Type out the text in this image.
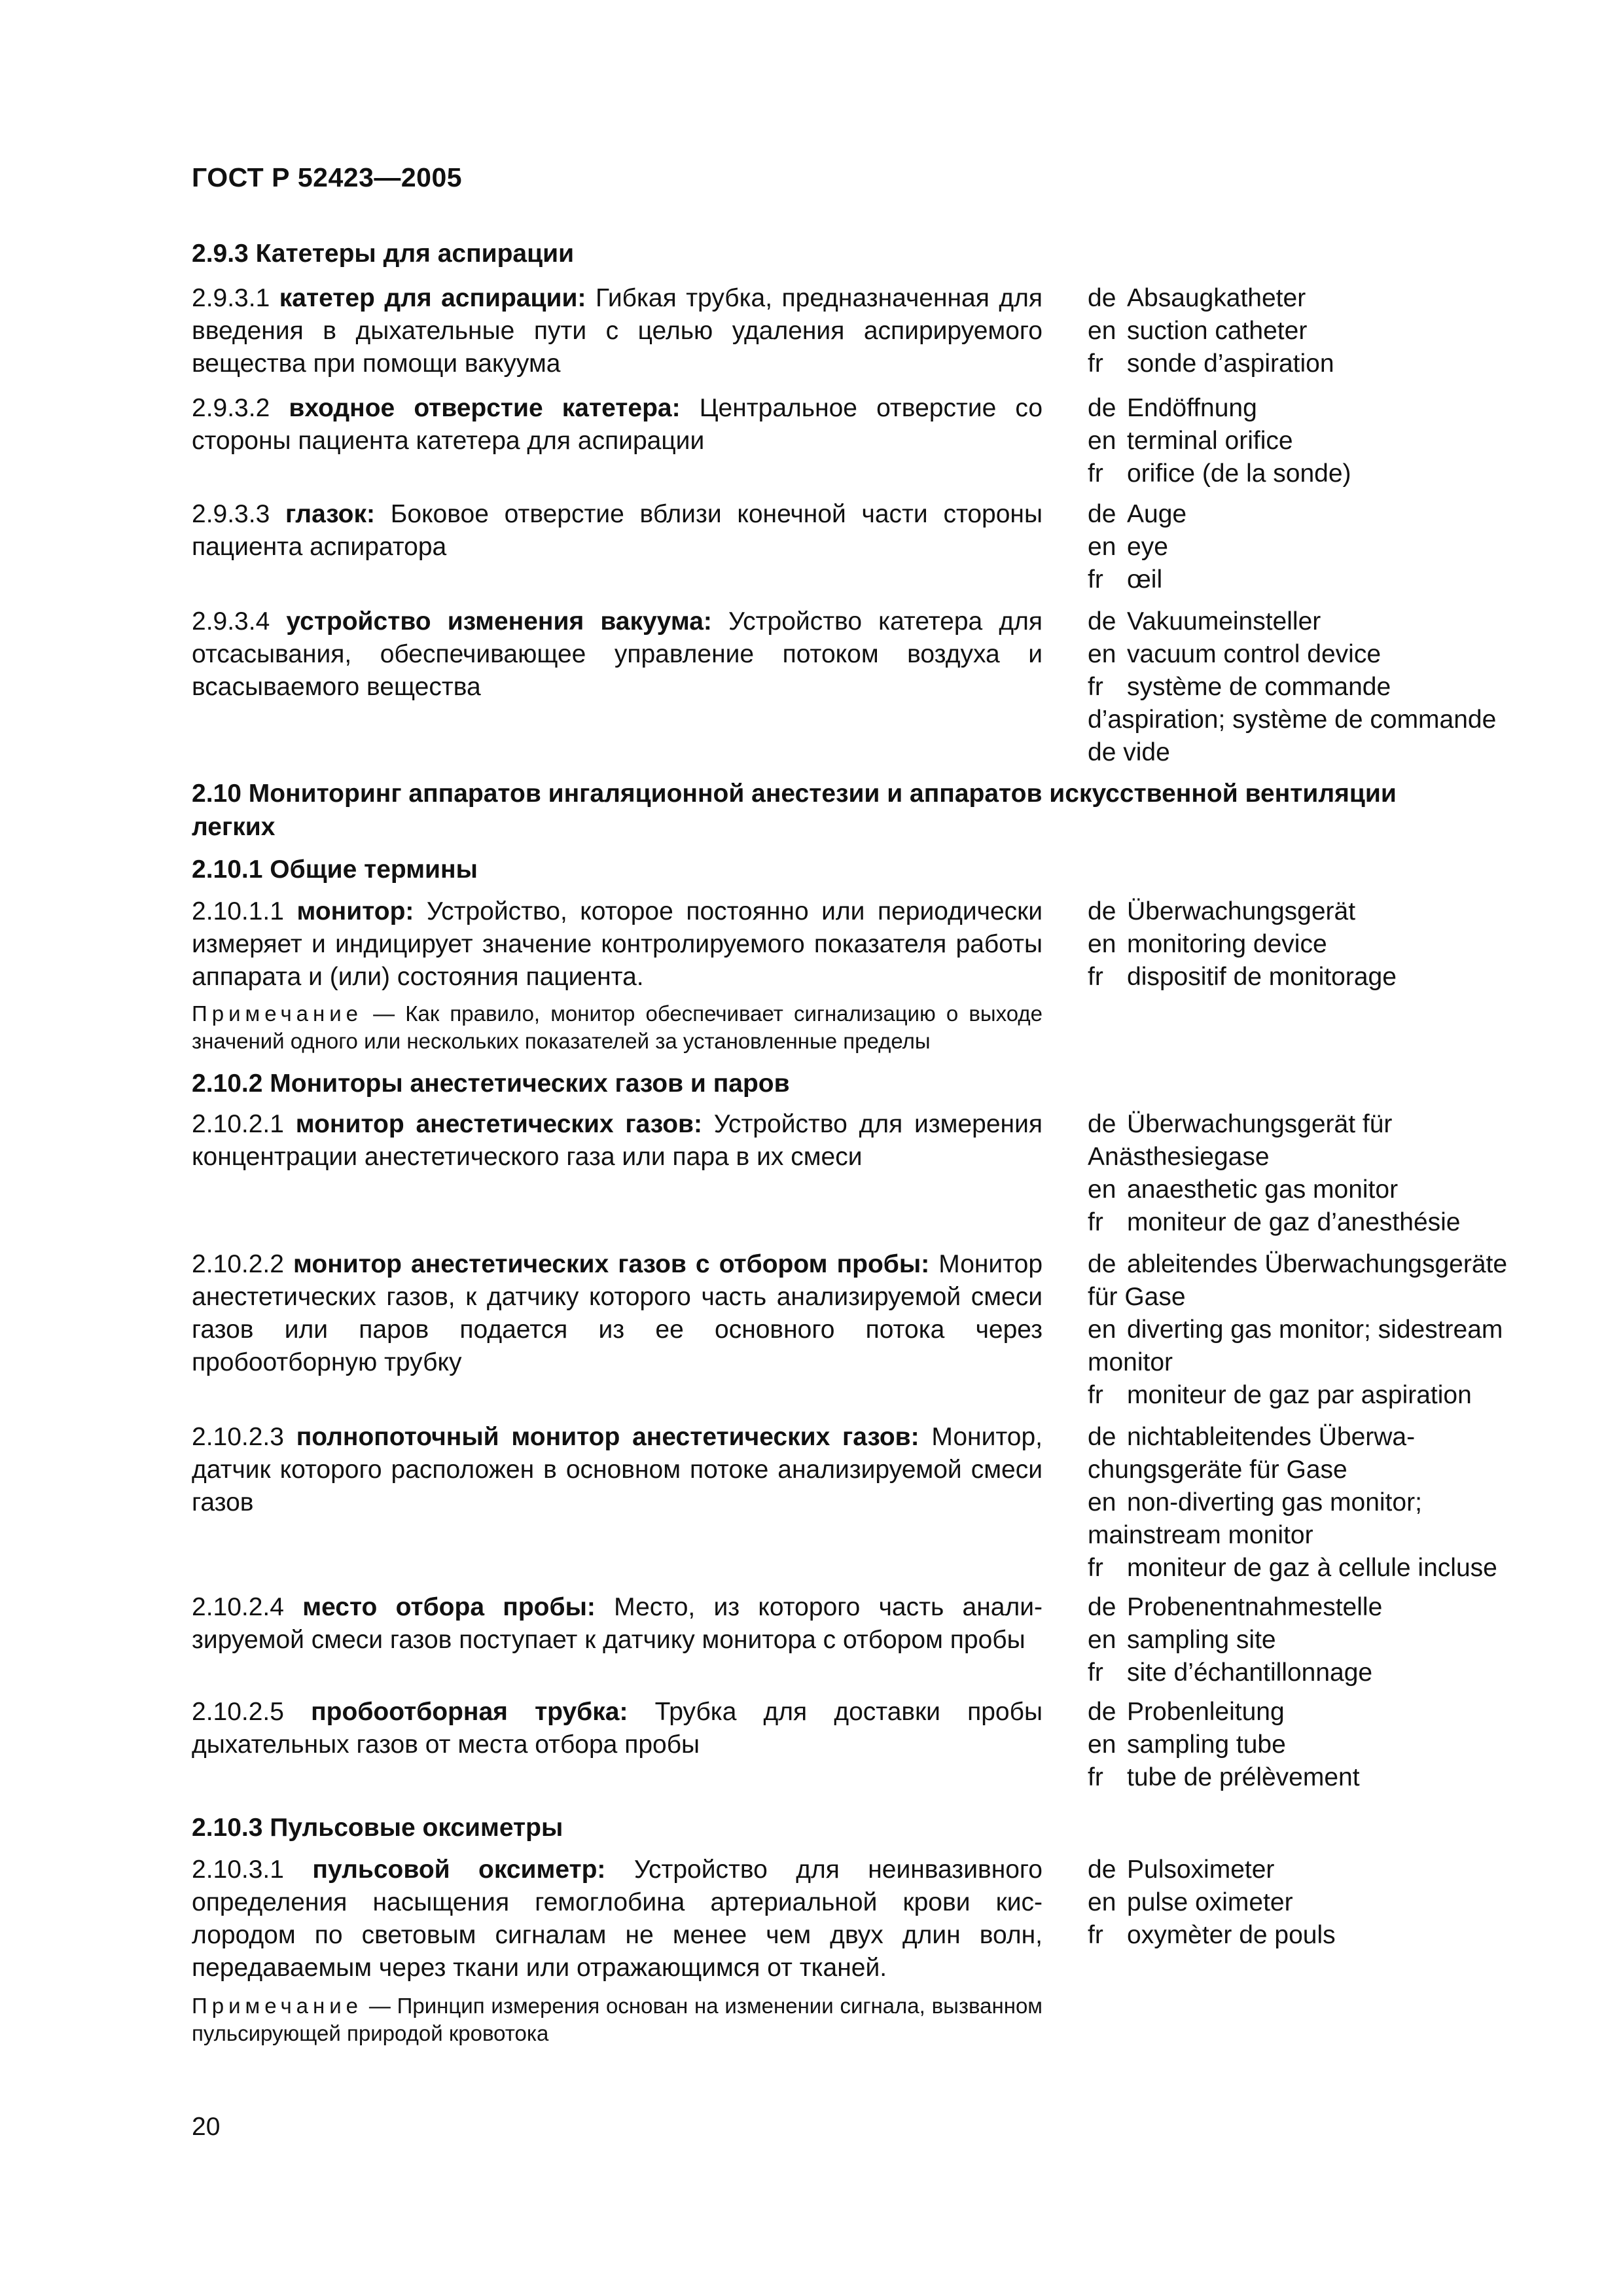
ГОСТ Р 52423—2005
2.9.3 Катетеры для аспирации
2.9.3.1 катетер для аспирации: Гибкая трубка, предназначенная для введения в дыхательные пути с целью удаления аспирируемого вещества при помощи вакуума
de Absaugkatheter
en suction catheter
fr sonde d’aspiration
2.9.3.2 входное отверстие катетера: Центральное отверстие со стороны пациента катетера для аспирации
de Endöffnung
en terminal orifice
fr orifice (de la sonde)
2.9.3.3 глазок: Боковое отверстие вблизи конечной части стороны пациента аспиратора
de Auge
en eye
fr œil
2.9.3.4 устройство изменения вакуума: Устройство катетера для отсасывания, обеспечивающее управление потоком воздуха и всасываемого вещества
de Vakuumeinsteller
en vacuum control device
fr système de commande
d’aspiration; système de commande
de vide
2.10 Мониторинг аппаратов ингаляционной анестезии и аппаратов искусственной вентиляции легких
2.10.1 Общие термины
2.10.1.1 монитор: Устройство, которое постоянно или периодически измеряет и индицирует значение контролируемого показателя работы аппарата и (или) состояния пациента.
de Überwachungsgerät
en monitoring device
fr dispositif de monitorage
Примечание — Как правило, монитор обеспечивает сигнализацию о выходе значений одного или нескольких показателей за установленные пределы
2.10.2 Мониторы анестетических газов и паров
2.10.2.1 монитор анестетических газов: Устройство для измерения концентрации анестетического газа или пара в их смеси
de Überwachungsgerät für
Anästhesiegase
en anaesthetic gas monitor
fr moniteur de gaz d’anesthésie
2.10.2.2 монитор анестетических газов с отбором пробы: Монитор анестетических газов, к датчику которого часть анализируемой смеси газов или паров подается из ее основного потока через пробоотборную трубку
de ableitendes Überwachungsgeräte
für Gase
en diverting gas monitor; sidestream
monitor
fr moniteur de gaz par aspiration
2.10.2.3 полнопоточный монитор анестетических газов: Монитор, датчик которого расположен в основном потоке анализируемой смеси газов
de nichtableitendes Überwa-
chungsgeräte für Gase
en non-diverting gas monitor;
mainstream monitor
fr moniteur de gaz à cellule incluse
2.10.2.4 место отбора пробы: Место, из которого часть анализируемой смеси газов поступает к датчику монитора с отбором пробы
de Probenentnahmestelle
en sampling site
fr site d’échantillonnage
2.10.2.5 пробоотборная трубка: Трубка для доставки пробы дыхательных газов от места отбора пробы
de Probenleitung
en sampling tube
fr tube de prélèvement
2.10.3 Пульсовые оксиметры
2.10.3.1 пульсовой оксиметр: Устройство для неинвазивного определения насыщения гемоглобина артериальной крови кислородом по световым сигналам не менее чем двух длин волн, передаваемым через ткани или отражающимся от тканей.
de Pulsoximeter
en pulse oximeter
fr oxymèter de pouls
Примечание — Принцип измерения основан на изменении сигнала, вызванном пульсирующей природой кровотока
20
